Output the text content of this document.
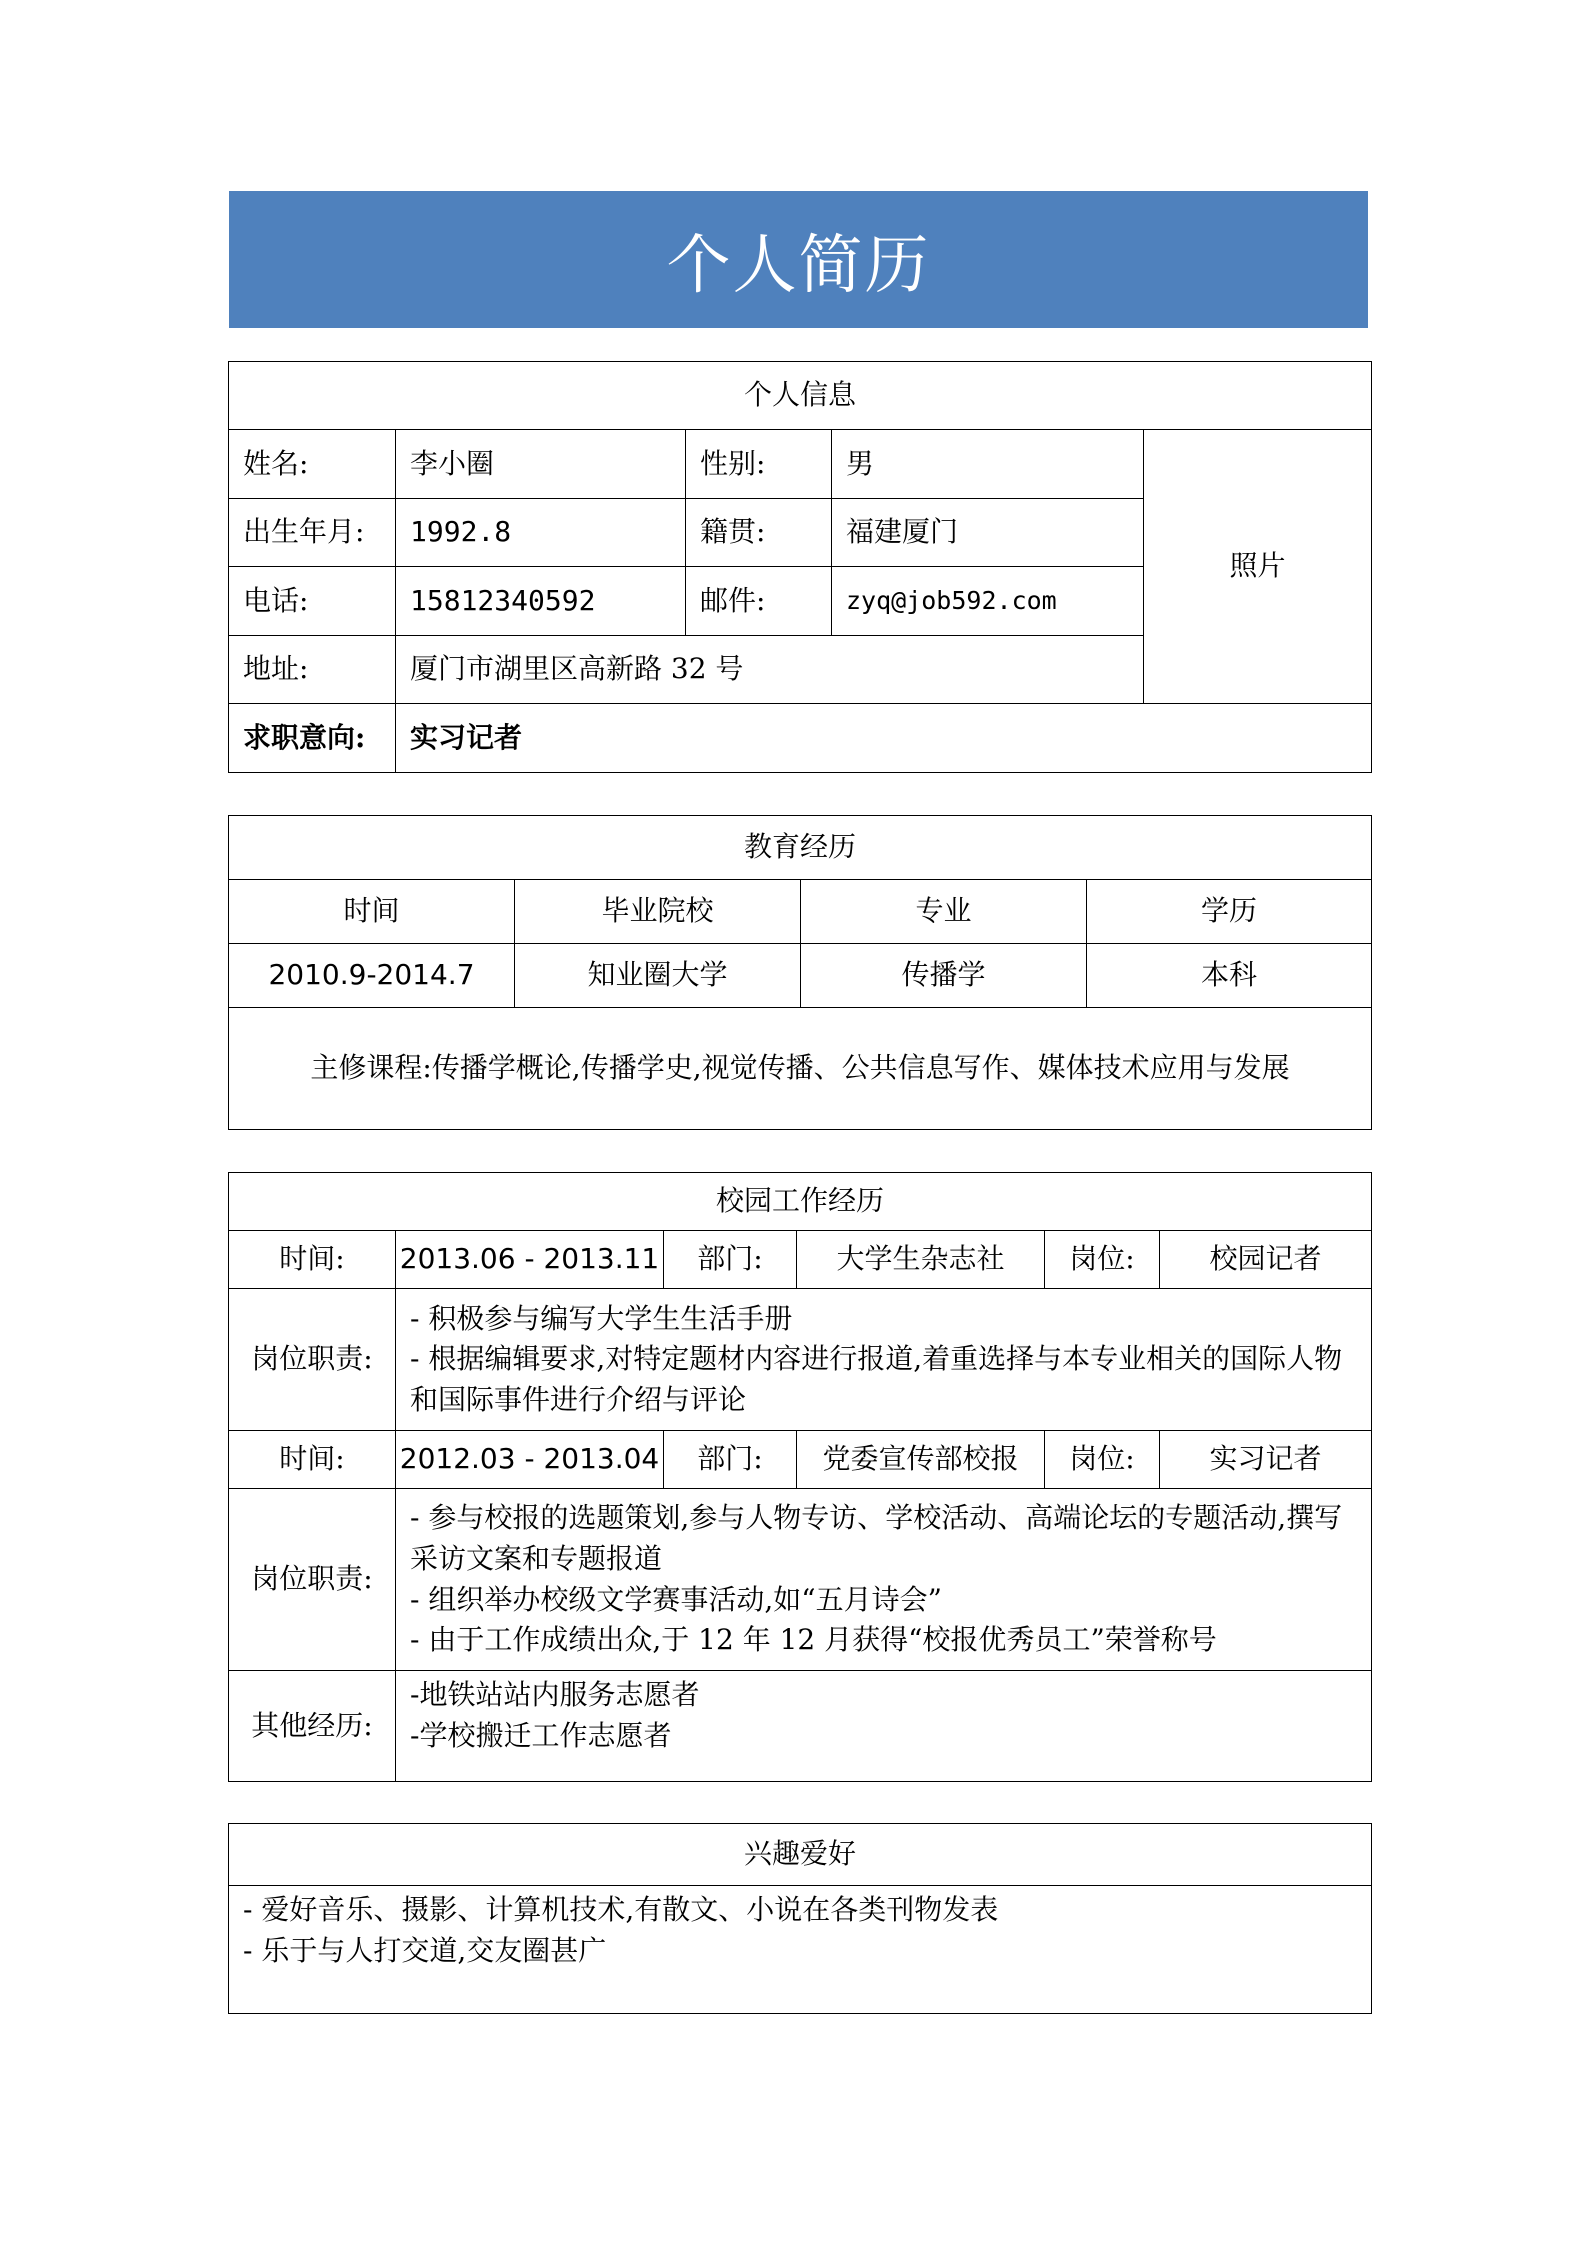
个人简历
个人信息				
姓名:	李小圈	性别:	男	照片
出生年月:	1992.8	籍贯:	福建厦门	
电话:	15812340592	邮件:	zyq@job592.com	
地址:	厦门市湖里区高新路 32 号			
求职意向:	实习记者			
教育经历			
时间	毕业院校	专业	学历
2010.9-2014.7	知业圈大学	传播学	本科
主修课程:传播学概论,传播学史,视觉传播、公共信息写作、媒体技术应用与发展			
校园工作经历					
时间:	2013.06 - 2013.11	部门:	大学生杂志社	岗位:	校园记者
岗位职责:	- 积极参与编写大学生生活手册
- 根据编辑要求,对特定题材内容进行报道,着重选择与本专业相关的国际人物和国际事件进行介绍与评论				

时间:	2012.03 - 2013.04	部门:	党委宣传部校报	岗位:	实习记者
岗位职责:	- 参与校报的选题策划,参与人物专访、学校活动、高端论坛的专题活动,撰写采访文案和专题报道
- 组织举办校级文学赛事活动,如“五月诗会”
- 由于工作成绩出众,于 12 年 12 月获得“校报优秀员工”荣誉称号				

其他经历:	-地铁站站内服务志愿者
-学校搬迁工作志愿者				
兴趣爱好

- 爱好音乐、摄影、计算机技术,有散文、小说在各类刊物发表
- 乐于与人打交道,交友圈甚广
